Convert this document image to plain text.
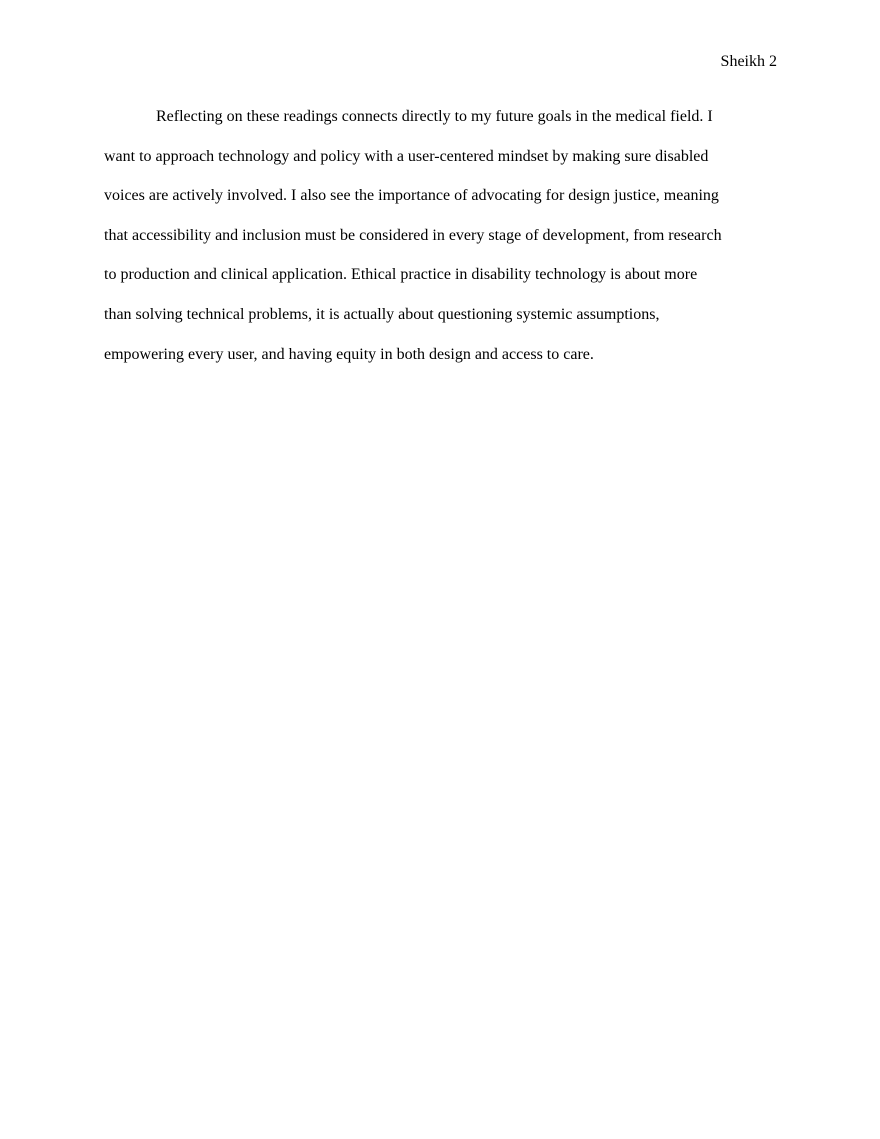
Sheikh 2
Reflecting on these readings connects directly to my future goals in the medical field. I
want to approach technology and policy with a user-centered mindset by making sure disabled
voices are actively involved. I also see the importance of advocating for design justice, meaning
that accessibility and inclusion must be considered in every stage of development, from research
to production and clinical application. Ethical practice in disability technology is about more
than solving technical problems, it is actually about questioning systemic assumptions,
empowering every user, and having equity in both design and access to care.
